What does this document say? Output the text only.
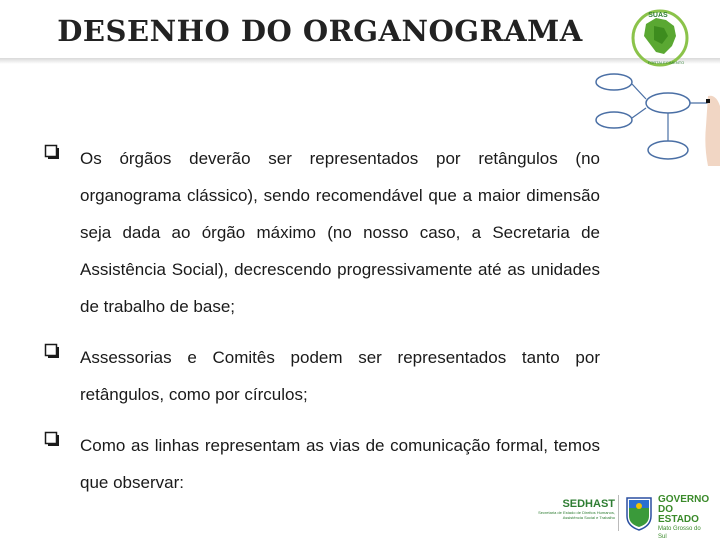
DESENHO DO ORGANOGRAMA	SUAS
FORTALECIMENTO
Os órgãos deverão ser representados por retângulos (no organograma clássico), sendo recomendável que a maior dimensão seja dada ao órgão máximo (no nosso caso, a Secretaria de Assistência Social), decrescendo progressivamente até as unidades de trabalho de base;
Assessorias e Comitês podem ser representados tanto por retângulos, como por círculos;
Como as linhas representam as vias de comunicação formal, temos que observar:
SEDHAST
Secretaria de Estado de Direitos Humanos, Assistência Social e Trabalho
GOVERNO
DO ESTADO
Mato Grosso do Sul
